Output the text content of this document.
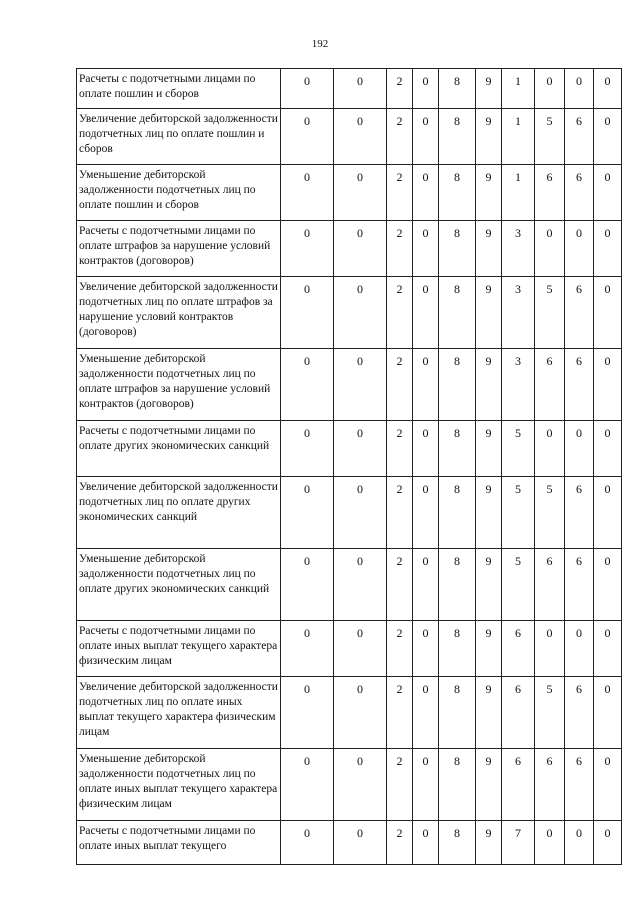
192
Расчеты с подотчетными лицами по оплате пошлин и сборов	0	0	2	0	8	9	1	0	0	0
Увеличение дебиторской задолженности подотчетных лиц по оплате пошлин и сборов	0	0	2	0	8	9	1	5	6	0
Уменьшение дебиторской задолженности подотчетных лиц по оплате пошлин и сборов	0	0	2	0	8	9	1	6	6	0
Расчеты с подотчетными лицами по оплате штрафов за нарушение условий контрактов (договоров)	0	0	2	0	8	9	3	0	0	0
Увеличение дебиторской задолженности подотчетных лиц по оплате штрафов за нарушение условий контрактов (договоров)	0	0	2	0	8	9	3	5	6	0
Уменьшение дебиторской задолженности подотчетных лиц по оплате штрафов за нарушение условий контрактов (договоров)	0	0	2	0	8	9	3	6	6	0
Расчеты с подотчетными лицами по оплате других экономических санкций	0	0	2	0	8	9	5	0	0	0
Увеличение дебиторской задолженности подотчетных лиц по оплате других экономических санкций	0	0	2	0	8	9	5	5	6	0
Уменьшение дебиторской задолженности подотчетных лиц по оплате других экономических санкций	0	0	2	0	8	9	5	6	6	0
Расчеты с подотчетными лицами по оплате иных выплат текущего характера физическим лицам	0	0	2	0	8	9	6	0	0	0
Увеличение дебиторской задолженности подотчетных лиц по оплате иных выплат текущего характера физическим лицам	0	0	2	0	8	9	6	5	6	0
Уменьшение дебиторской задолженности подотчетных лиц по оплате иных выплат текущего характера физическим лицам	0	0	2	0	8	9	6	6	6	0
Расчеты с подотчетными лицами по оплате иных выплат текущего	0	0	2	0	8	9	7	0	0	0
